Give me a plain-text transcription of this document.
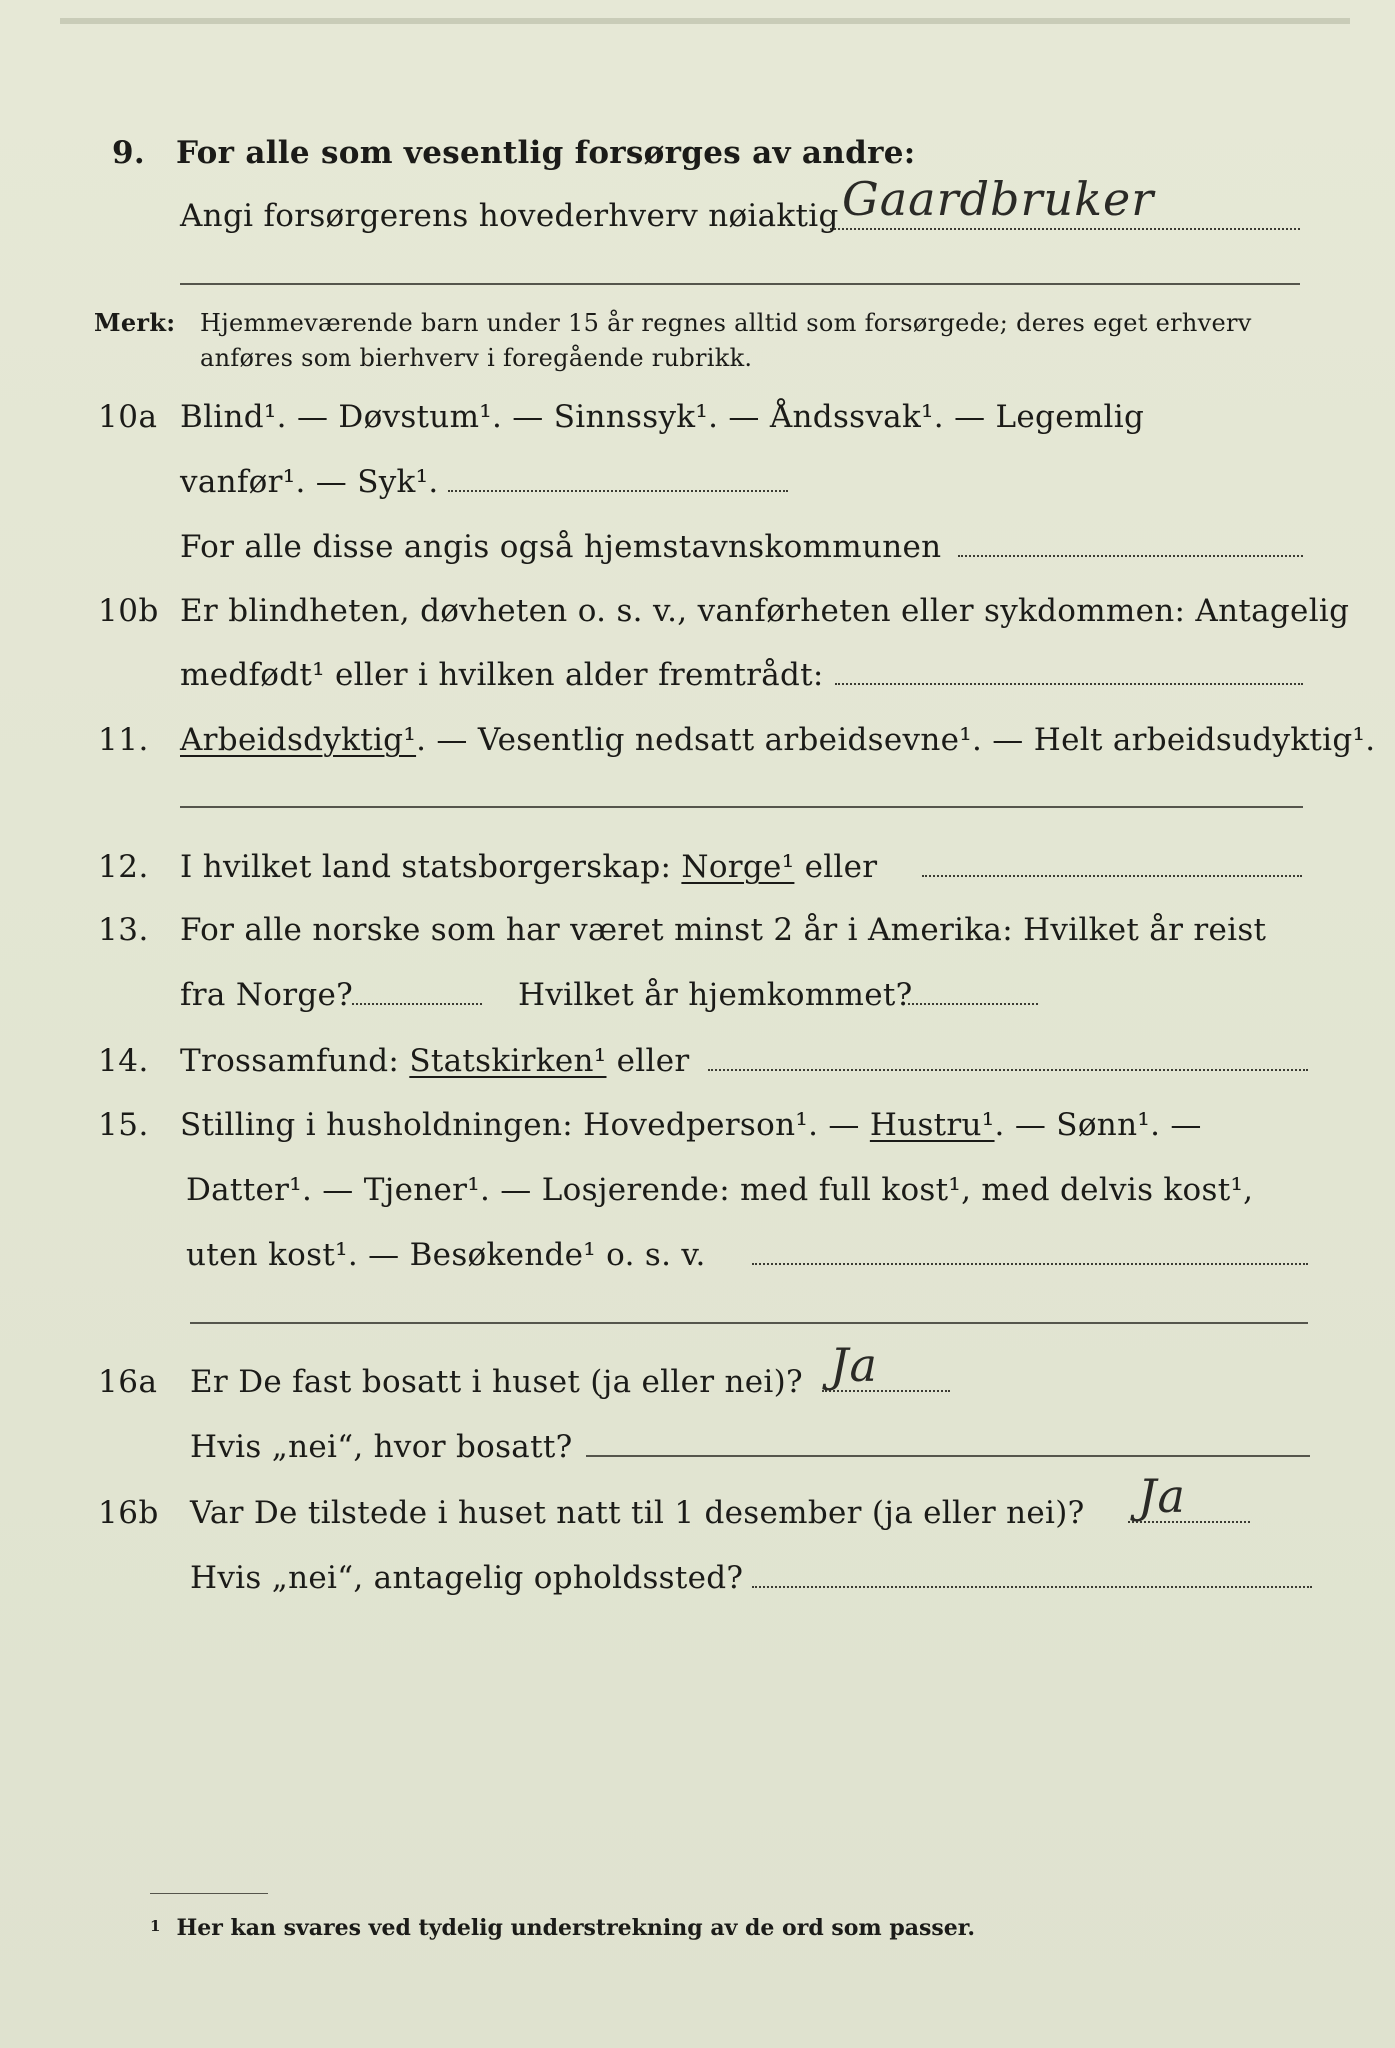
9. For alle som vesentlig forsørges av andre:
Angi forsørgerens hovederhverv nøiaktig Gaardbruker
Merk: Hjemmeværende barn under 15 år regnes alltid som forsørgede; deres eget erhverv
anføres som bierhverv i foregående rubrikk.
10a Blind¹. — Døvstum¹. — Sinnssyk¹. — Åndssvak¹. — Legemlig
vanfør¹. — Syk¹.
For alle disse angis også hjemstavnskommunen
10b Er blindheten, døvheten o. s. v., vanførheten eller sykdommen: Antagelig
medfødt¹ eller i hvilken alder fremtrådt:
11. Arbeidsdyktig¹. — Vesentlig nedsatt arbeidsevne¹. — Helt arbeidsudyktig¹.
12. I hvilket land statsborgerskap: Norge¹ eller
13. For alle norske som har været minst 2 år i Amerika: Hvilket år reist
fra Norge?	Hvilket år hjemkommet?
14. Trossamfund: Statskirken¹ eller
15. Stilling i husholdningen: Hovedperson¹. — Hustru¹. — Sønn¹. —
Datter¹. — Tjener¹. — Losjerende: med full kost¹, med delvis kost¹,
uten kost¹. — Besøkende¹ o. s. v.
16a Er De fast bosatt i huset (ja eller nei)? Ja
Hvis „nei“, hvor bosatt?
16b Var De tilstede i huset natt til 1 desember (ja eller nei)? Ja
Hvis „nei“, antagelig opholdssted?
$^1$ Her kan svares ved tydelig understrekning av de ord som passer.
